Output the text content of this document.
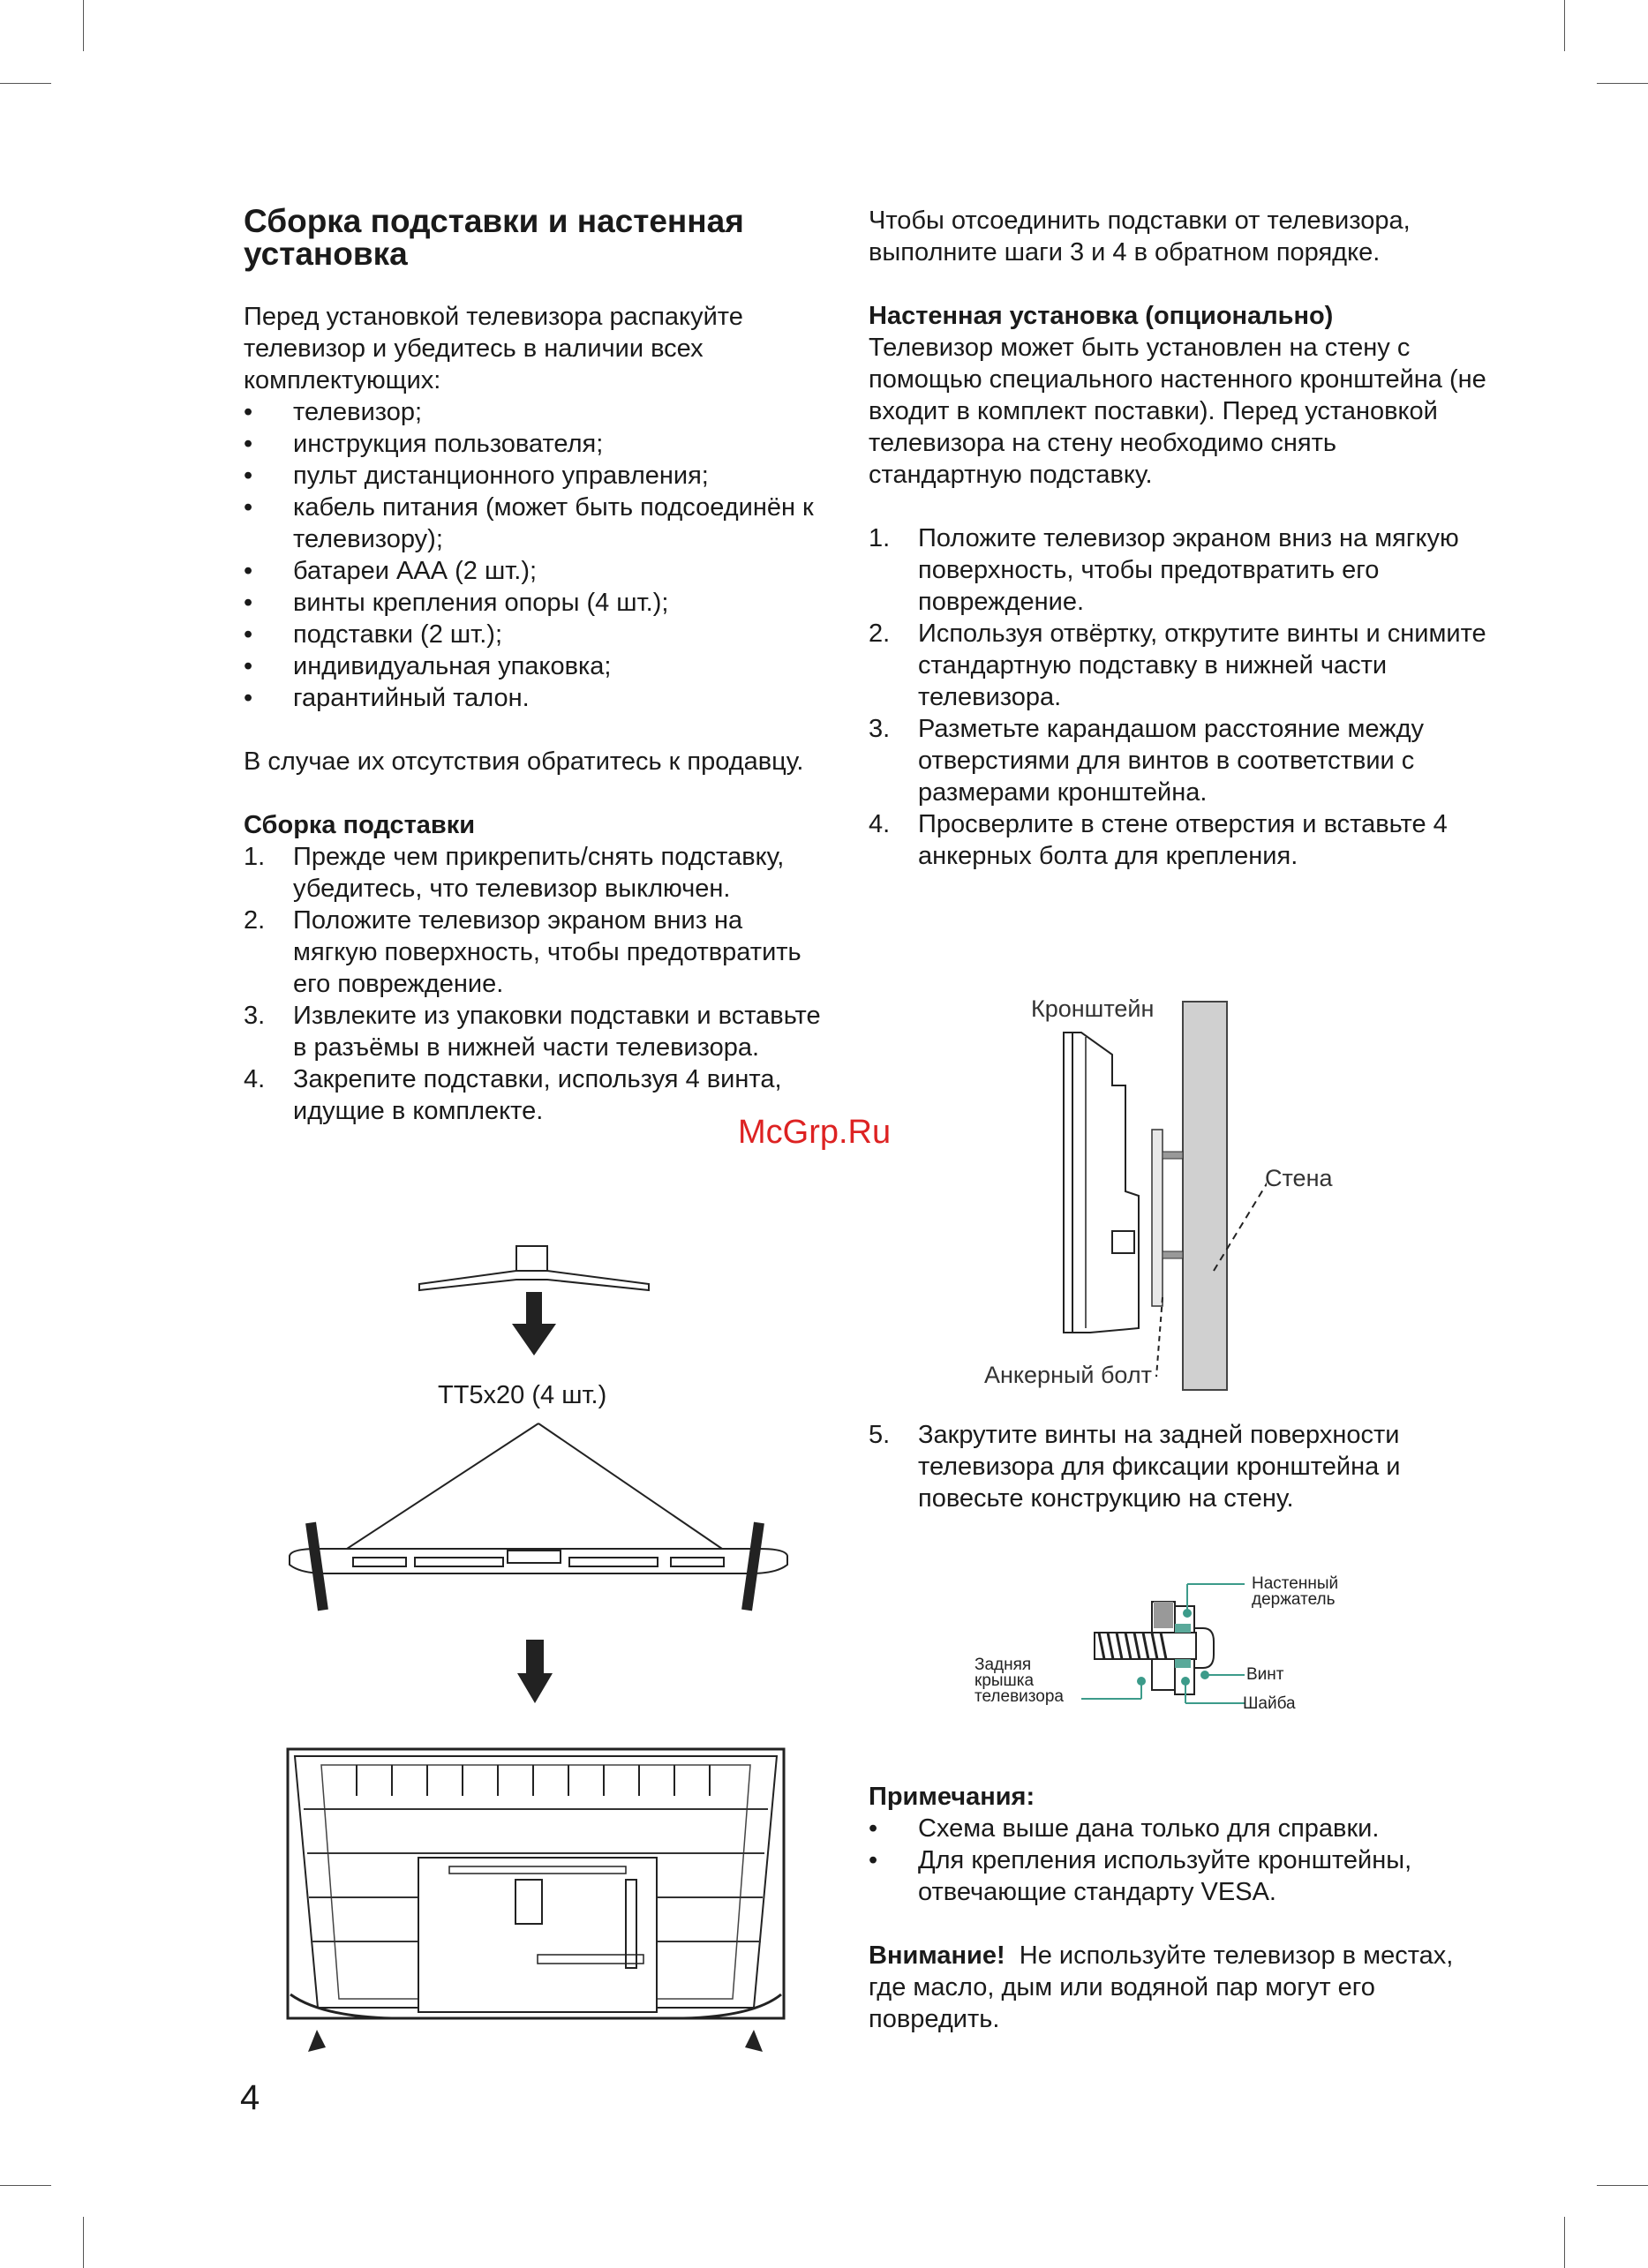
Сборка подставки и настенная установка

Перед установкой телевизора распакуйте телевизор и убедитесь в наличии всех комплектующих:

• телевизор;
• инструкция пользователя;
• пульт дистанционного управления;
• кабель питания (может быть подсоединён к телевизору);
• батареи ААА (2 шт.);
• винты крепления опоры (4 шт.);
• подставки (2 шт.);
• индивидуальная упаковка;
• гарантийный талон.

В случае их отсутствия обратитесь к продавцу.

Сборка подставки

1. Прежде чем прикрепить/снять подставку, убедитесь, что телевизор выключен.
2. Положите телевизор экраном вниз на мягкую поверхность, чтобы предотвратить его повреждение.
3. Извлеките из упаковки подставки и вставьте в разъёмы в нижней части телевизора.
4. Закрепите подставки, используя 4 винта, идущие в комплекте.
ТТ5х20 (4 шт.)

Чтобы отсоединить подставки от телевизора, выполните шаги 3 и 4 в обратном порядке.

Настенная установка (опционально)

Телевизор может быть установлен на стену с помощью специального настенного кронштейна (не входит в комплект поставки). Перед установкой телевизора на стену необходимо снять стандартную подставку.

1. Положите телевизор экраном вниз на мягкую поверхность, чтобы предотвратить его повреждение.
2. Используя отвёртку, открутите винты и снимите стандартную подставку в нижней части телевизора.
3. Разметьте карандашом расстояние между отверстиями для винтов в соответствии с размерами кронштейна.
4. Просверлите в стене отверстия и вставьте 4 анкерных болта для крепления.
Кронштейн
Стена
Анкерный болт
5. Закрутите винты на задней поверхности телевизора для фиксации кронштейна и повесьте конструкцию на стену.
Настенный
держатель
Винт
Шайба
Задняя
крышка
телевизора

Примечания:

• Схема выше дана только для справки.
• Для крепления используйте кронштейны, отвечающие стандарту VESA.

Внимание! Не используйте телевизор в местах, где масло, дым или водяной пар могут его повредить.

McGrp.Ru
4
